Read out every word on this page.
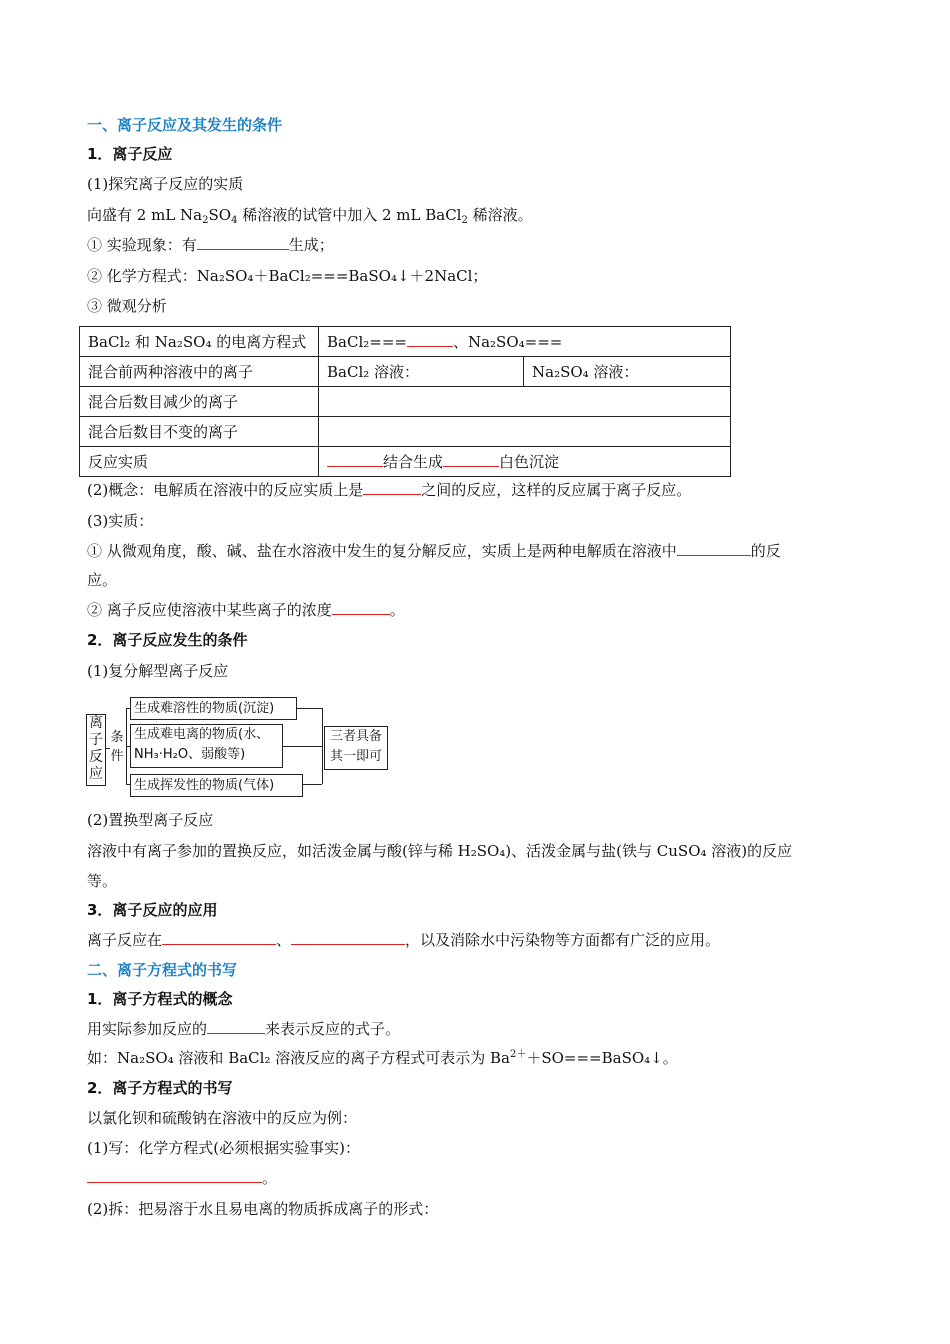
一、离子反应及其发生的条件
1．离子反应
(1)探究离子反应的实质
向盛有 2 mL $Na_2SO_4$ 稀溶液的试管中加入 2 mL BaCl$_2$ 稀溶液。
① 实验现象：有	生成；
② 化学方程式：Na₂SO₄＋BaCl₂===BaSO₄↓＋2NaCl；
③ 微观分析
BaCl₂ 和 Na₂SO₄ 的电离方程式	BaCl₂=== 、Na₂SO₄===	
混合前两种溶液中的离子	BaCl₂ 溶液：	Na₂SO₄ 溶液：
混合后数目减少的离子		
混合后数目不变的离子		
反应实质	结合生成 白色沉淀	
(2)概念：电解质在溶液中的反应实质上是	之间的反应，这样的反应属于离子反应。
(3)实质：
① 从微观角度，酸、碱、盐在水溶液中发生的复分解反应，实质上是两种电解质在溶液中	的反
应。
② 离子反应使溶液中某些离子的浓度	。
2．离子反应发生的条件
(1)复分解型离子反应
离
子
反
应
条
件
生成难溶性的物质(沉淀)
生成难电离的物质(水、
NH₃·H₂O、弱酸等)
生成挥发性的物质(气体)
三者具备
其一即可
(2)置换型离子反应
溶液中有离子参加的置换反应，如活泼金属与酸(锌与稀 H₂SO₄)、活泼金属与盐(铁与 CuSO₄ 溶液)的反应
等。
3．离子反应的应用
离子反应在	、	，以及消除水中污染物等方面都有广泛的应用。
二、离子方程式的书写
1．离子方程式的概念
用实际参加反应的	来表示反应的式子。
如：Na₂SO₄ 溶液和 BaCl₂ 溶液反应的离子方程式可表示为 $Ba^{2+}+SO===BaSO_4↓$。
2．离子方程式的书写
以氯化钡和硫酸钠在溶液中的反应为例：
(1)写：化学方程式(必须根据实验事实)：
。
(2)拆：把易溶于水且易电离的物质拆成离子的形式：
